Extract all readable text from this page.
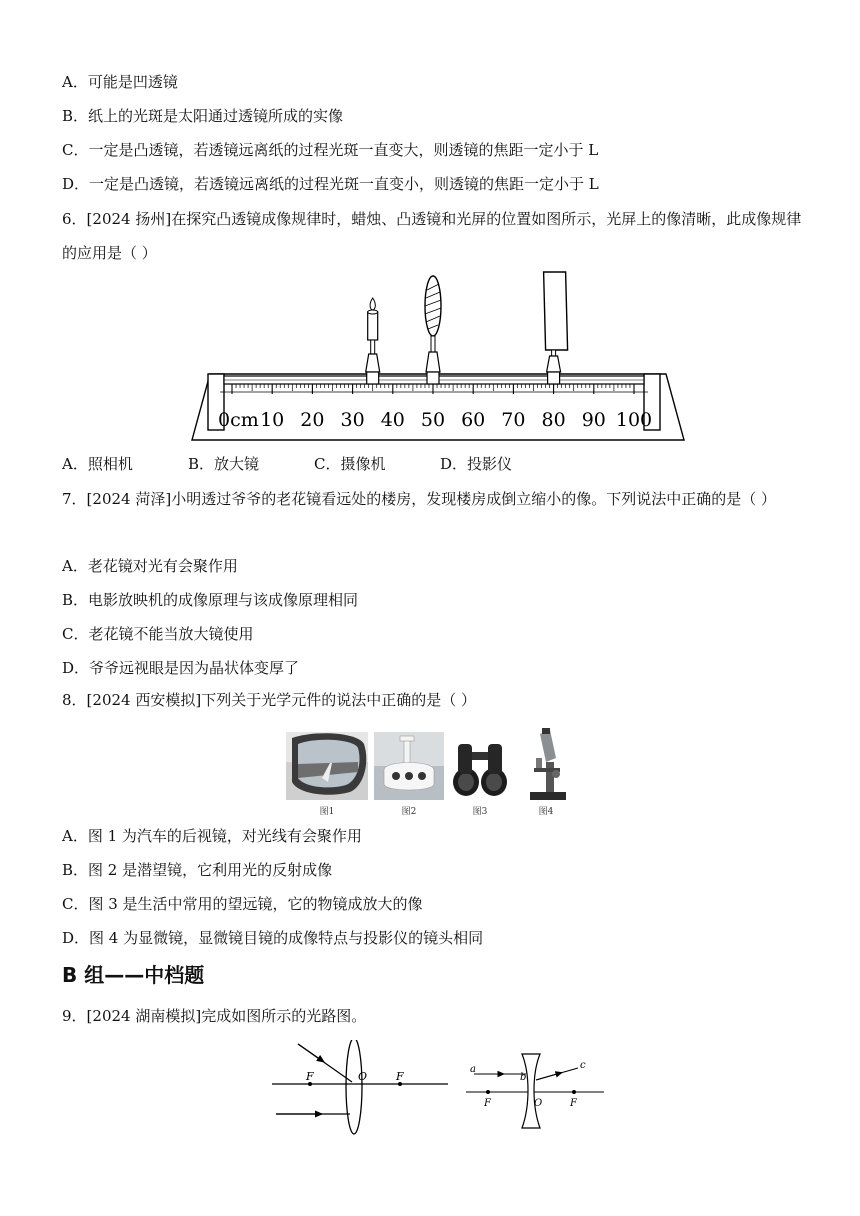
A．可能是凹透镜
B．纸上的光斑是太阳通过透镜所成的实像
C．一定是凸透镜，若透镜远离纸的过程光斑一直变大，则透镜的焦距一定小于 L
D．一定是凸透镜，若透镜远离纸的过程光斑一直变小，则透镜的焦距一定小于 L
6．[2024 扬州]在探究凸透镜成像规律时，蜡烛、凸透镜和光屏的位置如图所示，光屏上的像清晰，此成像规律的应用是（ ）
0cm 10 20 30 40 50 60 70 80 90 100
A．照相机	B．放大镜	C．摄像机	D．投影仪
7．[2024 菏泽]小明透过爷爷的老花镜看远处的楼房，发现楼房成倒立缩小的像。下列说法中正确的是（ ）
A．老花镜对光有会聚作用
B．电影放映机的成像原理与该成像原理相同
C．老花镜不能当放大镜使用
D．爷爷远视眼是因为晶状体变厚了
8．[2024 西安模拟]下列关于光学元件的说法中正确的是（ ）
图1	图2	图3	图4
A．图 1 为汽车的后视镜，对光线有会聚作用
B．图 2 是潜望镜，它利用光的反射成像
C．图 3 是生活中常用的望远镜，它的物镜成放大的像
D．图 4 为显微镜，显微镜目镜的成像特点与投影仪的镜头相同
B 组——中档题
9．[2024 湖南模拟]完成如图所示的光路图。
F	O	F
a
b
c
F	O	F
